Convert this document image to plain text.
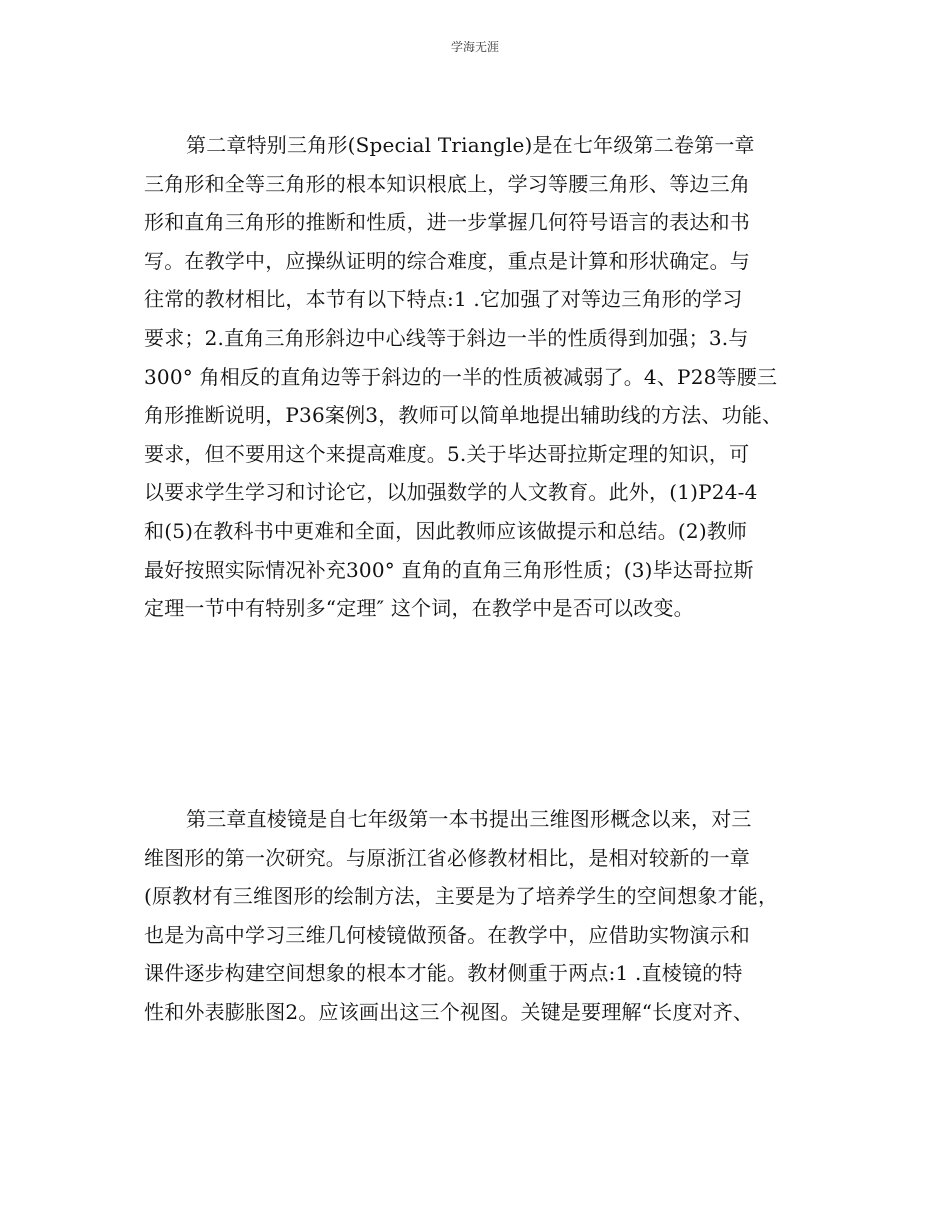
学海无涯
第二章特别三角形(Special Triangle)是在七年级第二卷第一章
三角形和全等三角形的根本知识根底上，学习等腰三角形、等边三角
形和直角三角形的推断和性质，进一步掌握几何符号语言的表达和书
写。在教学中，应操纵证明的综合难度，重点是计算和形状确定。与
往常的教材相比，本节有以下特点:1 .它加强了对等边三角形的学习
要求；2.直角三角形斜边中心线等于斜边一半的性质得到加强；3.与
300° 角相反的直角边等于斜边的一半的性质被减弱了。4、P28等腰三
角形推断说明，P36案例3，教师可以简单地提出辅助线的方法、功能、
要求，但不要用这个来提高难度。5.关于毕达哥拉斯定理的知识，可
以要求学生学习和讨论它，以加强数学的人文教育。此外，(1)P24-4
和(5)在教科书中更难和全面，因此教师应该做提示和总结。(2)教师
最好按照实际情况补充300° 直角的直角三角形性质；(3)毕达哥拉斯
定理一节中有特别多“定理″ 这个词，在教学中是否可以改变。
第三章直棱镜是自七年级第一本书提出三维图形概念以来，对三
维图形的第一次研究。与原浙江省必修教材相比，是相对较新的一章
(原教材有三维图形的绘制方法，主要是为了培养学生的空间想象才能，
也是为高中学习三维几何棱镜做预备。在教学中，应借助实物演示和
课件逐步构建空间想象的根本才能。教材侧重于两点:1 .直棱镜的特
性和外表膨胀图2。应该画出这三个视图。关键是要理解“长度对齐、
